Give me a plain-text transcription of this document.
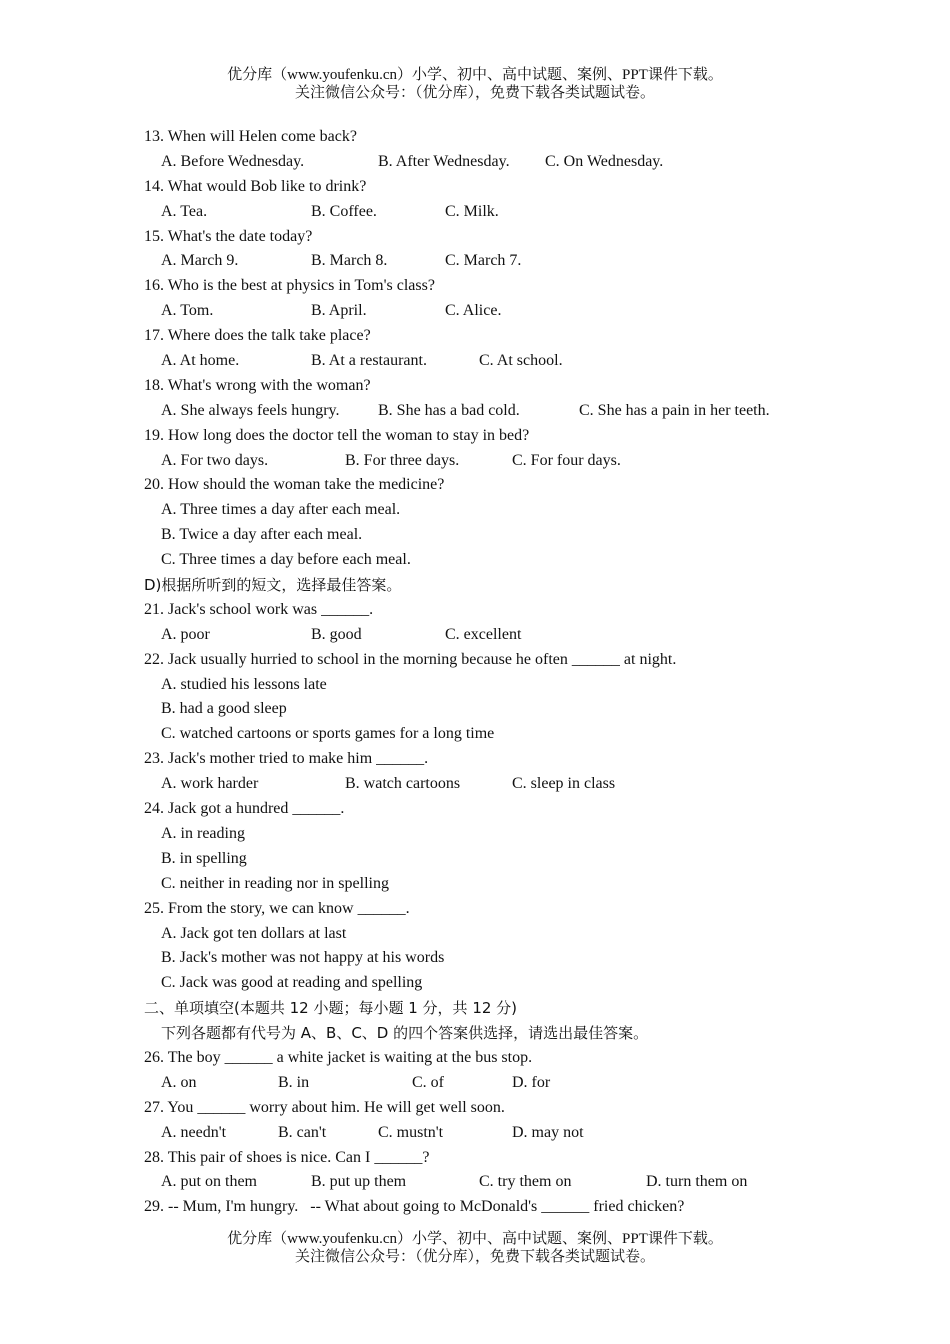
优分库（www.youfenku.cn）小学、初中、高中试题、案例、PPT课件下载。
关注微信公众号：（优分库），免费下载各类试题试卷。
13. When will Helen come back?
A. Before Wednesday.	B. After Wednesday. C. On Wednesday.
14. What would Bob like to drink?
A. Tea.	B. Coffee.	C. Milk.
15. What's the date today?
A. March 9.	B. March 8.	C. March 7.
16. Who is the best at physics in Tom's class?
A. Tom.	B. April.	C. Alice.
17. Where does the talk take place?
A. At home.	B. At a restaurant.	C. At school.
18. What's wrong with the woman?
A. She always feels hungry. B. She has a bad cold.	C. She has a pain in her teeth.
19. How long does the doctor tell the woman to stay in bed?
A. For two days.	B. For three days.	C. For four days.
20. How should the woman take the medicine?
A. Three times a day after each meal.
B. Twice a day after each meal.
C. Three times a day before each meal.
D)根据所听到的短文，选择最佳答案。
21. Jack's school work was ______.
A. poor	B. good	C. excellent
22. Jack usually hurried to school in the morning because he often ______ at night.
A. studied his lessons late
B. had a good sleep
C. watched cartoons or sports games for a long time
23. Jack's mother tried to make him ______.
A. work harder	B. watch cartoons	C. sleep in class
24. Jack got a hundred ______.
A. in reading
B. in spelling
C. neither in reading nor in spelling
25. From the story, we can know ______.
A. Jack got ten dollars at last
B. Jack's mother was not happy at his words
C. Jack was good at reading and spelling
二、单项填空(本题共 12 小题；每小题 1 分，共 12 分)
下列各题都有代号为 A、B、C、D 的四个答案供选择，请选出最佳答案。
26. The boy ______ a white jacket is waiting at the bus stop.
A. on	B. in	C. of	D. for
27. You ______ worry about him. He will get well soon.
A. needn't	B. can't	C. mustn't	D. may not
28. This pair of shoes is nice. Can I ______?
A. put on them	B. put up them	C. try them on	D. turn them on
29. -- Mum, I'm hungry.   -- What about going to McDonald's ______ fried chicken?
优分库（www.youfenku.cn）小学、初中、高中试题、案例、PPT课件下载。
关注微信公众号：（优分库），免费下载各类试题试卷。
